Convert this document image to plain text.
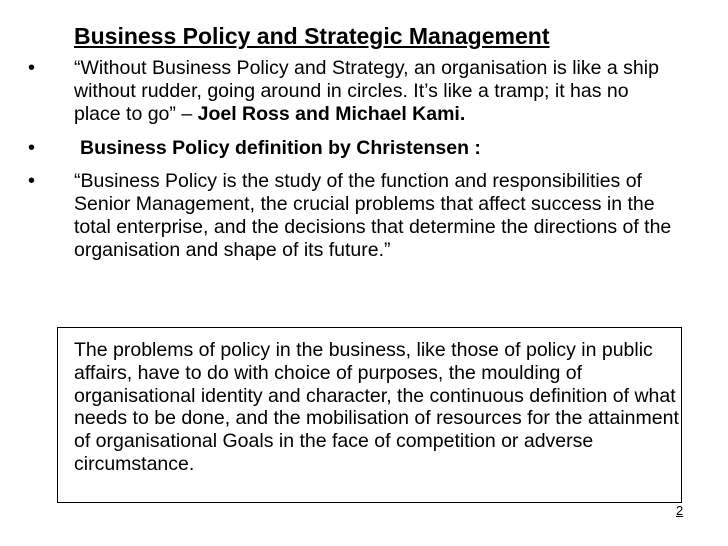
Business Policy and Strategic Management
• “Without Business Policy and Strategy, an organisation is like a ship without rudder, going around in circles. It’s like a tramp; it has no place to go” – Joel Ross and Michael Kami.
• Business Policy definition by Christensen :
• “Business Policy is the study of the function and responsibilities of Senior Management, the crucial problems that affect success in the total enterprise, and the decisions that determine the directions of the organisation and shape of its future.”
The problems of policy in the business, like those of policy in public affairs, have to do with choice of purposes, the moulding of organisational identity and character, the continuous definition of what needs to be done, and the mobilisation of resources for the attainment of organisational Goals in the face of competition or adverse circumstance.
2
